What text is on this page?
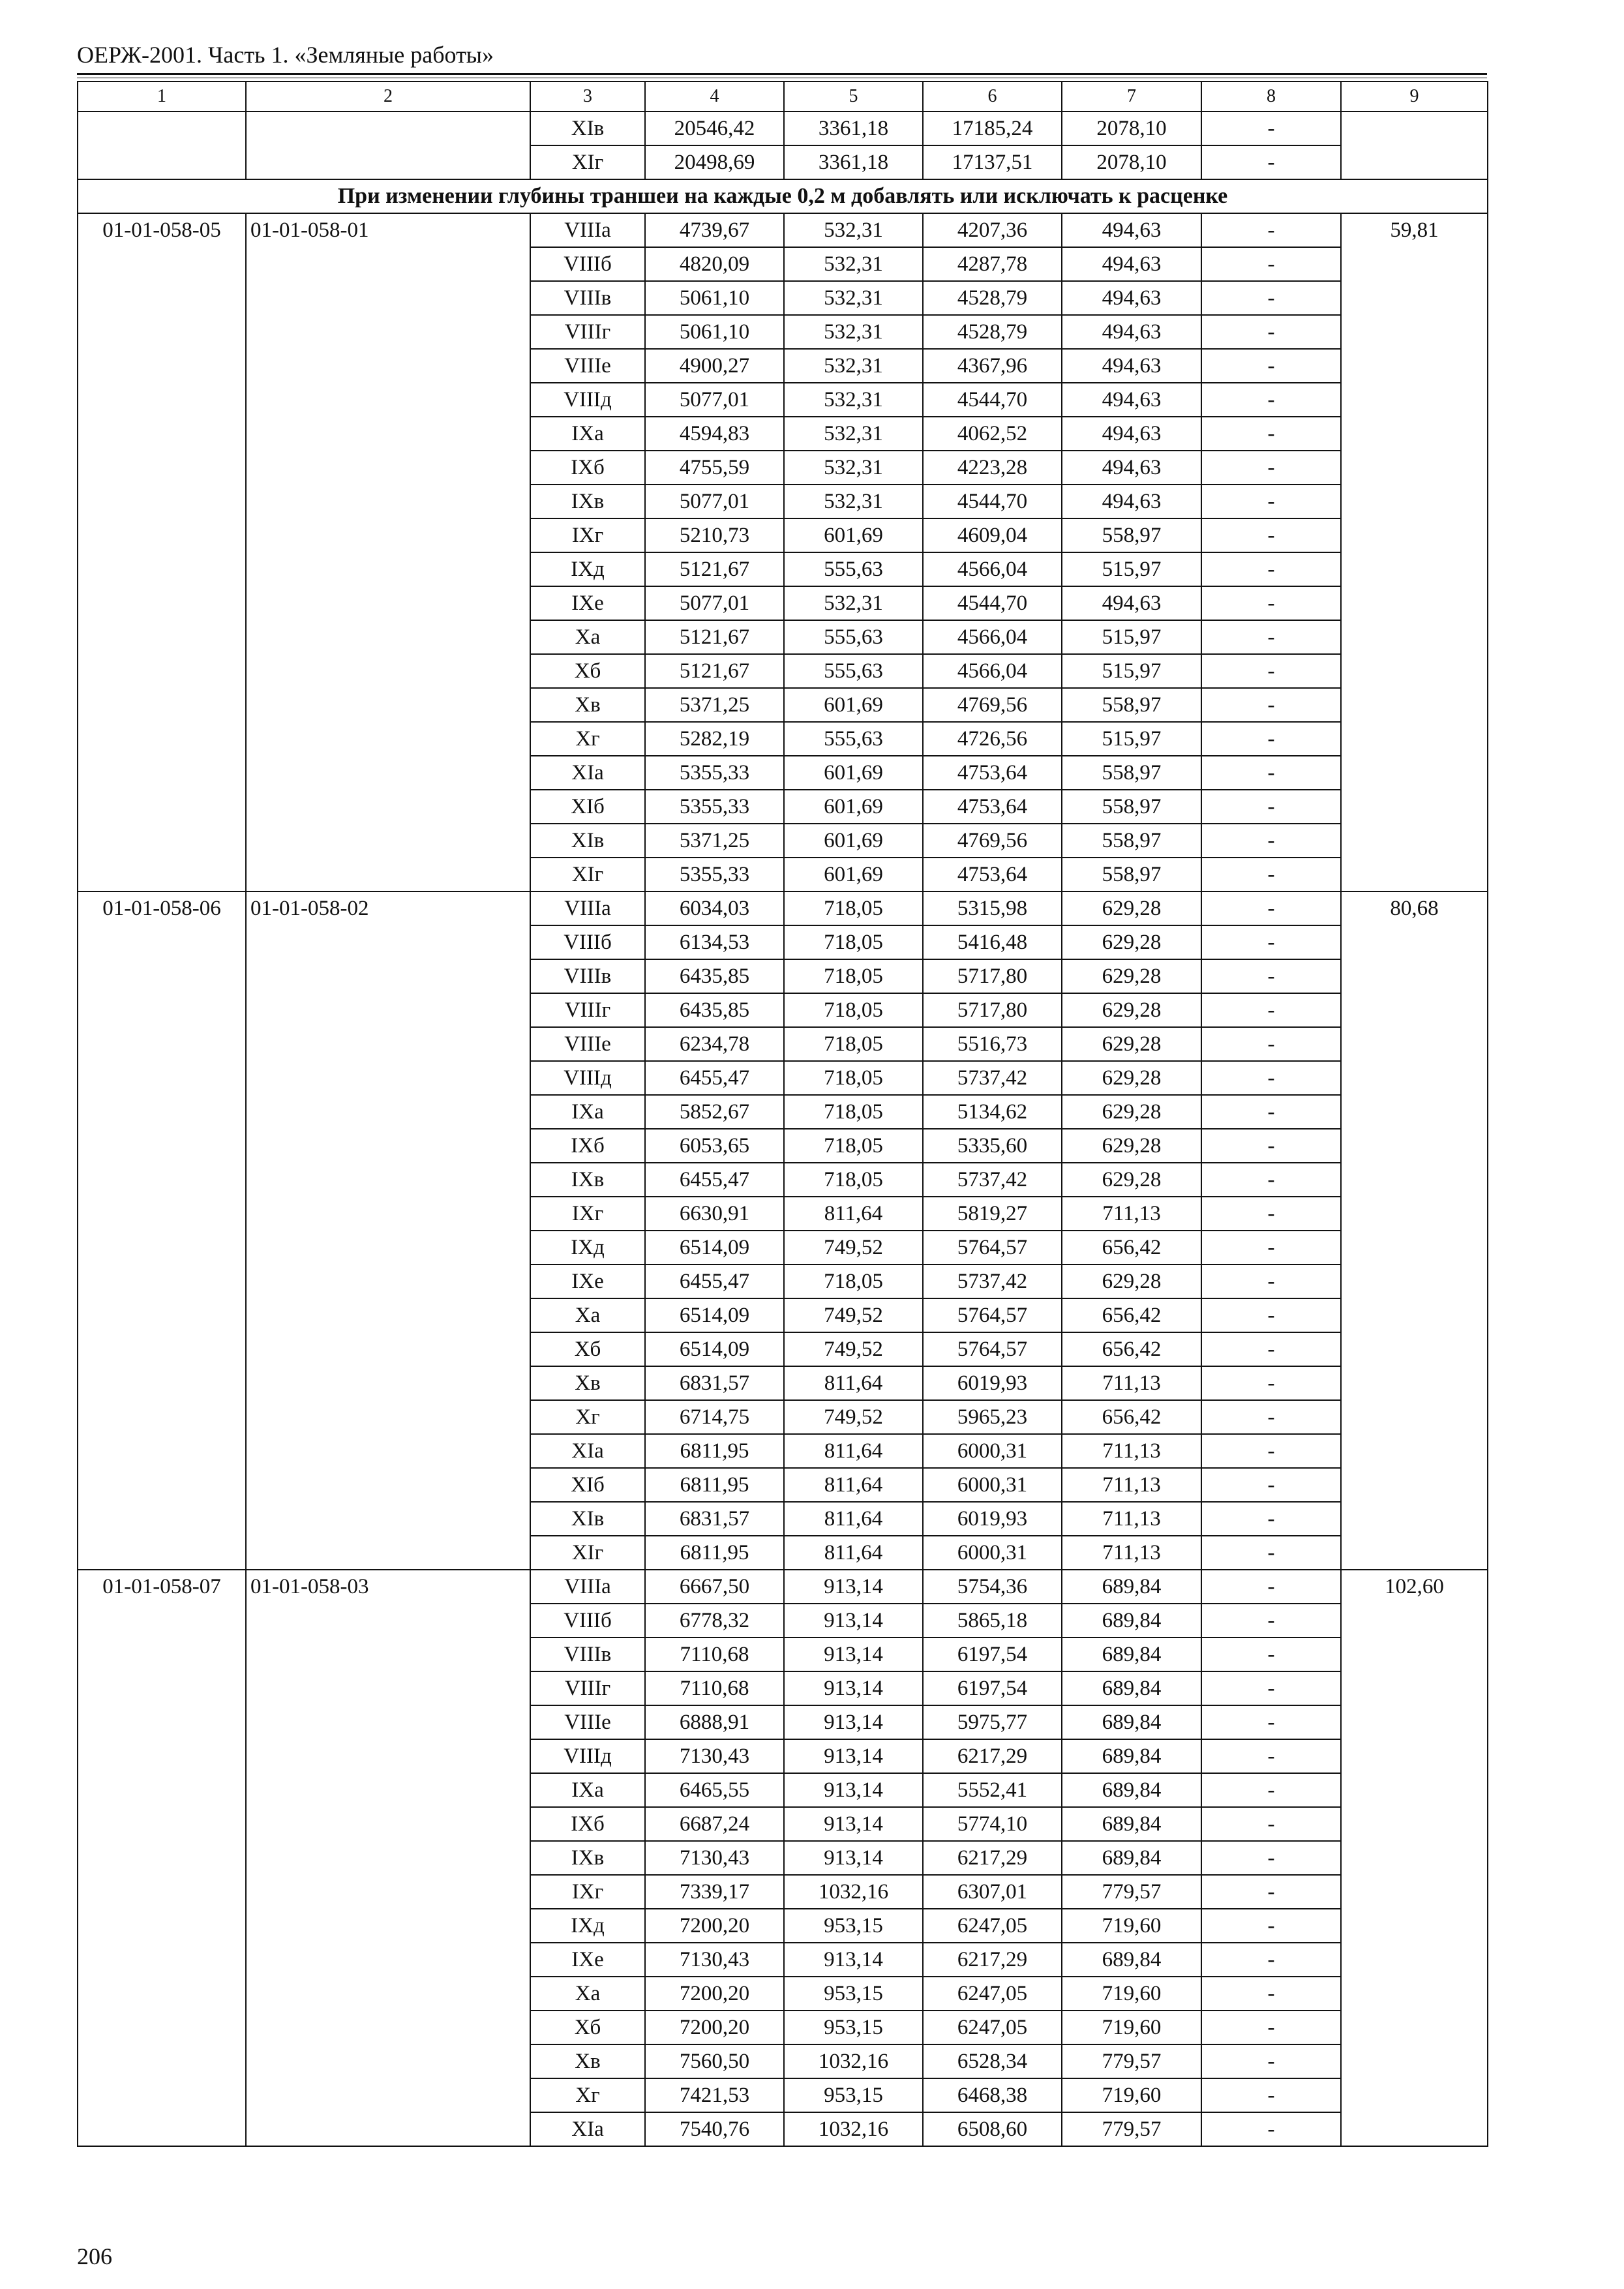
ОЕРЖ-2001. Часть 1. «Земляные работы»
1	2	3	4	5	6	7	8	9
		XIв	20546,42	3361,18	17185,24	2078,10	-	
		XIг	20498,69	3361,18	17137,51	2078,10	-	
При изменении глубины траншеи на каждые 0,2 м добавлять или исключать к расценке								
01-01-058-05	01-01-058-01	VIIIа	4739,67	532,31	4207,36	494,63	-	59,81
		VIIIб	4820,09	532,31	4287,78	494,63	-	
		VIIIв	5061,10	532,31	4528,79	494,63	-	
		VIIIг	5061,10	532,31	4528,79	494,63	-	
		VIIIе	4900,27	532,31	4367,96	494,63	-	
		VIIIд	5077,01	532,31	4544,70	494,63	-	
		IXа	4594,83	532,31	4062,52	494,63	-	
		IXб	4755,59	532,31	4223,28	494,63	-	
		IXв	5077,01	532,31	4544,70	494,63	-	
		IXг	5210,73	601,69	4609,04	558,97	-	
		IXд	5121,67	555,63	4566,04	515,97	-	
		IXе	5077,01	532,31	4544,70	494,63	-	
		Xа	5121,67	555,63	4566,04	515,97	-	
		Xб	5121,67	555,63	4566,04	515,97	-	
		Xв	5371,25	601,69	4769,56	558,97	-	
		Xг	5282,19	555,63	4726,56	515,97	-	
		XIа	5355,33	601,69	4753,64	558,97	-	
		XIб	5355,33	601,69	4753,64	558,97	-	
		XIв	5371,25	601,69	4769,56	558,97	-	
		XIг	5355,33	601,69	4753,64	558,97	-	
01-01-058-06	01-01-058-02	VIIIа	6034,03	718,05	5315,98	629,28	-	80,68
		VIIIб	6134,53	718,05	5416,48	629,28	-	
		VIIIв	6435,85	718,05	5717,80	629,28	-	
		VIIIг	6435,85	718,05	5717,80	629,28	-	
		VIIIе	6234,78	718,05	5516,73	629,28	-	
		VIIIд	6455,47	718,05	5737,42	629,28	-	
		IXа	5852,67	718,05	5134,62	629,28	-	
		IXб	6053,65	718,05	5335,60	629,28	-	
		IXв	6455,47	718,05	5737,42	629,28	-	
		IXг	6630,91	811,64	5819,27	711,13	-	
		IXд	6514,09	749,52	5764,57	656,42	-	
		IXе	6455,47	718,05	5737,42	629,28	-	
		Xа	6514,09	749,52	5764,57	656,42	-	
		Xб	6514,09	749,52	5764,57	656,42	-	
		Xв	6831,57	811,64	6019,93	711,13	-	
		Xг	6714,75	749,52	5965,23	656,42	-	
		XIа	6811,95	811,64	6000,31	711,13	-	
		XIб	6811,95	811,64	6000,31	711,13	-	
		XIв	6831,57	811,64	6019,93	711,13	-	
		XIг	6811,95	811,64	6000,31	711,13	-	
01-01-058-07	01-01-058-03	VIIIа	6667,50	913,14	5754,36	689,84	-	102,60
		VIIIб	6778,32	913,14	5865,18	689,84	-	
		VIIIв	7110,68	913,14	6197,54	689,84	-	
		VIIIг	7110,68	913,14	6197,54	689,84	-	
		VIIIе	6888,91	913,14	5975,77	689,84	-	
		VIIIд	7130,43	913,14	6217,29	689,84	-	
		IXа	6465,55	913,14	5552,41	689,84	-	
		IXб	6687,24	913,14	5774,10	689,84	-	
		IXв	7130,43	913,14	6217,29	689,84	-	
		IXг	7339,17	1032,16	6307,01	779,57	-	
		IXд	7200,20	953,15	6247,05	719,60	-	
		IXе	7130,43	913,14	6217,29	689,84	-	
		Xа	7200,20	953,15	6247,05	719,60	-	
		Xб	7200,20	953,15	6247,05	719,60	-	
		Xв	7560,50	1032,16	6528,34	779,57	-	
		Xг	7421,53	953,15	6468,38	719,60	-	
		XIа	7540,76	1032,16	6508,60	779,57	-	
206
